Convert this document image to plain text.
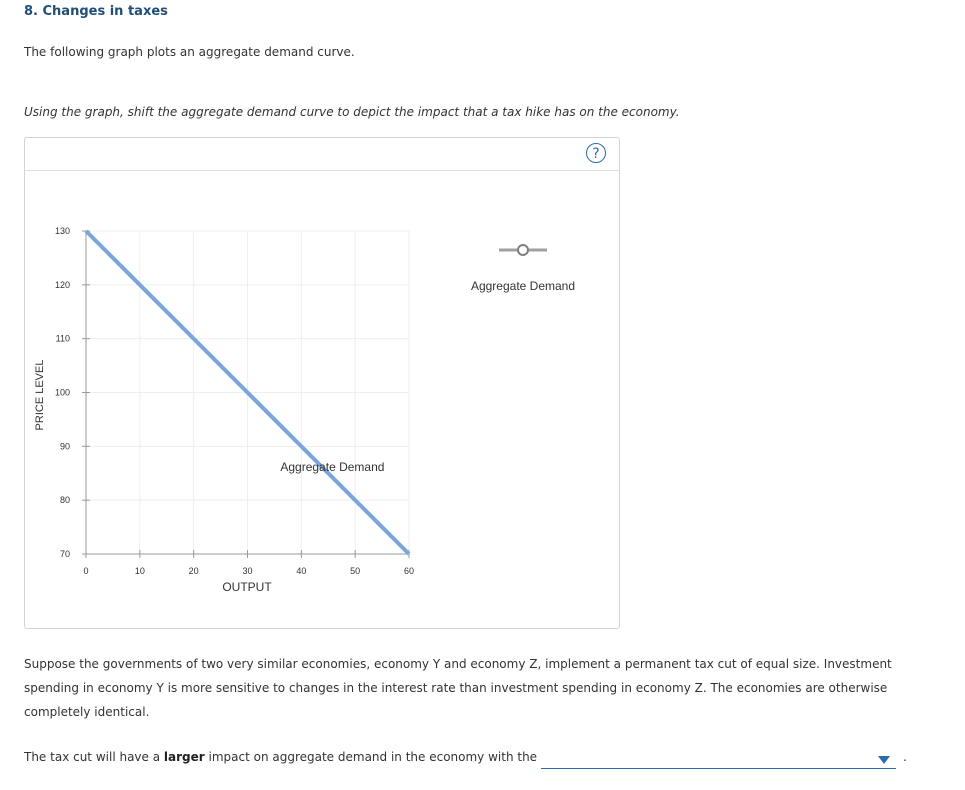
8. Changes in taxes
The following graph plots an aggregate demand curve.
Using the graph, shift the aggregate demand curve to depict the impact that a tax hike has on the economy.
?
0	10	20	30	40	50	60
70
80
90
100
110
120
130
Aggregate Demand
Aggregate Demand
OUTPUT
PRICE LEVEL
Suppose the governments of two very similar economies, economy Y and economy Z, implement a permanent tax cut of equal size. Investment spending in economy Y is more sensitive to changes in the interest rate than investment spending in economy Z. The economies are otherwise completely identical.
The tax cut will have a larger impact on aggregate demand in the economy with the	.
